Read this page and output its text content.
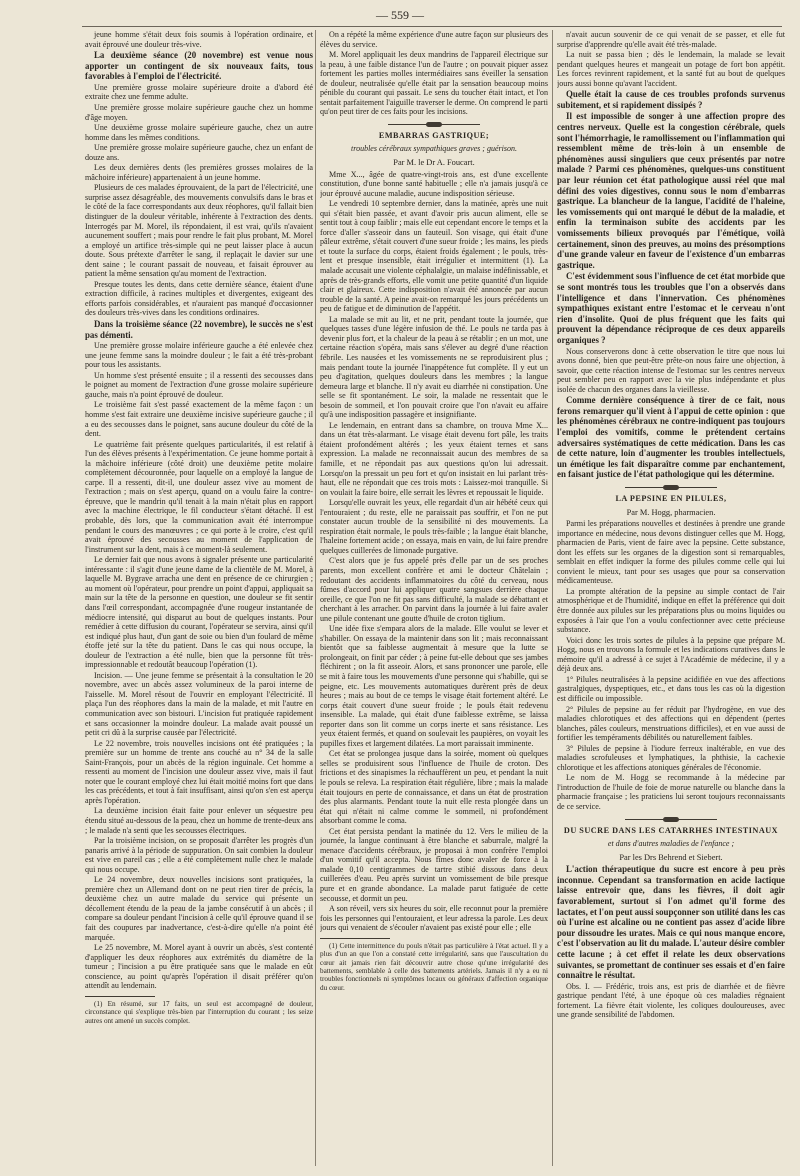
— 559 —

jeune homme s'était deux fois soumis à l'opération ordinaire, et avait éprouvé une douleur très-vive.

La deuxième séance (20 novembre) est venue nous apporter un contingent de six nouveaux faits, tous favorables à l'emploi de l'électricité.

Une première grosse molaire supérieure droite a d'abord été extraite chez une femme adulte.

Une première grosse molaire supérieure gauche chez un homme d'âge moyen.

Une deuxième grosse molaire supérieure gauche, chez un autre homme dans les mêmes conditions.

Une première grosse molaire supérieure gauche, chez un enfant de douze ans.

Les deux dernières dents (les premières grosses molaires de la mâchoire inférieure) appartenaient à un jeune homme.

Plusieurs de ces malades éprouvaient, de la part de l'électricité, une surprise assez désagréable, des mouvements convulsifs dans le bras et le côté de la face correspondants aux deux réophores, qu'il fallait bien distinguer de la douleur véritable, inhérente à l'extraction des dents. Interrogés par M. Morel, ils répondaient, il est vrai, qu'ils n'avaient aucunement souffert ; mais pour rendre le fait plus probant, M. Morel a employé un artifice très-simple qui ne peut laisser place à aucun doute. Sous prétexte d'arrêter le sang, il replaçait le davier sur une dent saine ; le courant passait de nouveau, et faisait éprouver au patient la même sensation qu'au moment de l'extraction.

Presque toutes les dents, dans cette dernière séance, étaient d'une extraction difficile, à racines multiples et divergentes, exigeant des efforts parfois considérables, et n'auraient pas manqué d'occasionner des douleurs très-vives dans les conditions ordinaires.

Dans la troisième séance (22 novembre), le succès ne s'est pas démenti.

Une première grosse molaire inférieure gauche a été enlevée chez une jeune femme sans la moindre douleur ; le fait a été très-probant pour tous les assistants.

Un homme s'est présenté ensuite ; il a ressenti des secousses dans le poignet au moment de l'extraction d'une grosse molaire supérieure gauche, mais n'a point éprouvé de douleur.

Le troisième fait s'est passé exactement de la même façon : un homme s'est fait extraire une deuxième incisive supérieure gauche ; il a eu des secousses dans le poignet, sans aucune douleur du côté de la dent.

Le quatrième fait présente quelques particularités, il est relatif à l'un des élèves présents à l'expérimentation. Ce jeune homme portait à la mâchoire inférieure (côté droit) une deuxième petite molaire complètement découronnée, pour laquelle on a employé la langue de carpe. Il a ressenti, dit-il, une douleur assez vive au moment de l'extraction ; mais on s'est aperçu, quand on a voulu faire la contre-épreuve, que le mandrin qu'il tenait à la main n'était plus en rapport avec la machine électrique, le fil conducteur s'étant détaché. Il est probable, dès lors, que la communication avait été interrompue pendant le cours des manœuvres ; ce qui porte à le croire, c'est qu'il avait éprouvé des secousses au moment de l'application de l'instrument sur la dent, mais à ce moment-là seulement.

Le dernier fait que nous avons à signaler présente une particularité intéressante : il s'agit d'une jeune dame de la clientèle de M. Morel, à laquelle M. Bygrave arracha une dent en présence de ce chirurgien ; au moment où l'opérateur, pour prendre un point d'appui, appliquait sa main sur la tête de la personne en question, une douleur se fit sentir dans l'œil correspondant, accompagnée d'une rougeur instantanée de médiocre intensité, qui disparut au bout de quelques instants. Pour remédier à cette diffusion du courant, l'opérateur se servira, ainsi qu'il est indiqué plus haut, d'un gant de soie ou bien d'un foulard de même étoffe jeté sur la tête du patient. Dans le cas qui nous occupe, la douleur de l'extraction a été nulle, bien que la personne fût très-impressionnable et redoutât beaucoup l'opération (1).

Incision. — Une jeune femme se présentait à la consultation le 20 novembre, avec un abcès assez volumineux de la paroi interne de l'aisselle. M. Morel résout de l'ouvrir en employant l'électricité. Il plaça l'un des réophores dans la main de la malade, et mit l'autre en communication avec son bistouri. L'incision fut pratiquée rapidement et sans occasionner la moindre douleur. La malade avait poussé un petit cri dû à la surprise causée par l'électricité.

Le 22 novembre, trois nouvelles incisions ont été pratiquées ; la première sur un homme de trente ans couché au n° 34 de la salle Saint-François, pour un abcès de la région inguinale. Cet homme a ressenti au moment de l'incision une douleur assez vive, mais il faut noter que le courant employé chez lui était moitié moins fort que dans les cas précédents, et tout à fait insuffisant, ainsi qu'on s'en est aperçu après l'opération.

La deuxième incision était faite pour enlever un séquestre peu étendu situé au-dessous de la peau, chez un homme de trente-deux ans ; le malade n'a senti que les secousses électriques.

Par la troisième incision, on se proposait d'arrêter les progrès d'un panaris arrivé à la période de suppuration. On sait combien la douleur est vive en pareil cas ; elle a été complètement nulle chez le malade qui nous occupe.

Le 24 novembre, deux nouvelles incisions sont pratiquées, la première chez un Allemand dont on ne peut rien tirer de précis, la deuxième chez un autre malade du service qui présente un décollement étendu de la peau de la jambe consécutif à un abcès ; il compare sa douleur pendant l'incision à celle qu'il éprouve quand il se fait des coupures par inadvertance, c'est-à-dire qu'elle n'a point été marquée.

Le 25 novembre, M. Morel ayant à ouvrir un abcès, s'est contenté d'appliquer les deux réophores aux extrémités du diamètre de la tumeur ; l'incision a pu être pratiquée sans que le malade en eût conscience, au point qu'après l'opération il disait préférer qu'on attendît au lendemain.

(1) En résumé, sur 17 faits, un seul est accompagné de douleur, circonstance qui s'explique très-bien par l'interruption du courant ; les seize autres ont amené un succès complet.

On a répété la même expérience d'une autre façon sur plusieurs des élèves du service.

M. Morel appliquait les deux mandrins de l'appareil électrique sur la peau, à une faible distance l'un de l'autre ; on pouvait piquer assez fortement les parties molles intermédiaires sans éveiller la sensation de douleur, neutralisée qu'elle était par la sensation beaucoup moins pénible du courant qui passait. Le sens du toucher était intact, et l'on sentait parfaitement l'aiguille traverser le derme. On comprend le parti qu'on peut tirer de ces faits pour les incisions.

EMBARRAS GASTRIQUE;
troubles cérébraux sympathiques graves ; guérison.
Par M. le Dr A. Foucart.

Mme X..., âgée de quatre-vingt-trois ans, est d'une excellente constitution, d'une bonne santé habituelle ; elle n'a jamais jusqu'à ce jour éprouvé aucune maladie, aucune indisposition sérieuse.

Le vendredi 10 septembre dernier, dans la matinée, après une nuit qui s'était bien passée, et avant d'avoir pris aucun aliment, elle se sentit tout à coup faiblir ; mais elle eut cependant encore le temps et la force d'aller s'asseoir dans un fauteuil. Son visage, qui était d'une pâleur extrême, s'était couvert d'une sueur froide ; les mains, les pieds et toute la surface du corps, étaient froids également ; le pouls, très-lent et presque insensible, était irrégulier et intermittent (1). La malade accusait une violente céphalalgie, un malaise indéfinissable, et après de très-grands efforts, elle vomit une petite quantité d'un liquide clair et glaireux. Cette indisposition n'avait été annoncée par aucun trouble de la santé. A peine avait-on remarqué les jours précédents un peu de fatigue et de diminution de l'appétit.

La malade se mit au lit, et ne prit, pendant toute la journée, que quelques tasses d'une légère infusion de thé. Le pouls ne tarda pas à devenir plus fort, et la chaleur de la peau à se rétablir ; en un mot, une certaine réaction s'opéra, mais sans s'élever au degré d'une réaction fébrile. Les nausées et les vomissements ne se reproduisirent plus ; mais pendant toute la journée l'inappétence fut complète. Il y eut un peu d'agitation, quelques douleurs dans les membres ; la langue demeura large et blanche. Il n'y avait eu diarrhée ni constipation. Une selle se fit spontanément. Le soir, la malade ne ressentait que le besoin de sommeil, et l'on pouvait croire que l'on n'avait eu affaire qu'à une indisposition passagère et insignifiante.

Le lendemain, en entrant dans sa chambre, on trouva Mme X... dans un état très-alarmant. Le visage était devenu fort pâle, les traits étaient profondément altérés ; les yeux étaient ternes et sans expression. La malade ne reconnaissait aucun des membres de sa famille, et ne répondait pas aux questions qu'on lui adressait. Lorsqu'on la pressait un peu fort et qu'on insistait en lui parlant très-haut, elle ne répondait que ces trois mots : Laissez-moi tranquille. Si on voulait la faire boire, elle serrait les lèvres et repoussait le liquide.

Lorsqu'elle ouvrait les yeux, elle regardait d'un air hébété ceux qui l'entouraient ; du reste, elle ne paraissait pas souffrir, et l'on ne put constater aucun trouble de la sensibilité ni des mouvements. La respiration était normale, le pouls très-faible ; la langue était blanche, l'haleine fortement acide ; on essaya, mais en vain, de lui faire prendre quelques cuillerées de limonade purgative.

C'est alors que je fus appelé près d'elle par un de ses proches parents, mon excellent confrère et ami le docteur Châtelain ; redoutant des accidents inflammatoires du côté du cerveau, nous fûmes d'accord pour lui appliquer quatre sangsues derrière chaque oreille, ce que l'on ne fit pas sans difficulté, la malade se débattant et cherchant à les arracher. On parvint dans la journée à lui faire avaler une pilule contenant une goutte d'huile de croton tiglium.

Une idée fixe s'empara alors de la malade. Elle voulut se lever et s'habiller. On essaya de la maintenir dans son lit ; mais reconnaissant bientôt que sa faiblesse augmentait à mesure que la lutte se prolongeait, on finit par céder ; à peine fut-elle debout que ses jambes fléchirent ; on la fit asseoir. Alors, et sans prononcer une parole, elle se mit à faire tous les mouvements d'une personne qui s'habille, qui se peigne, etc. Les mouvements automatiques durèrent près de deux heures ; mais au bout de ce temps le visage était fortement altéré. Le corps était couvert d'une sueur froide ; le pouls était redevenu insensible. La malade, qui était d'une faiblesse extrême, se laissa reporter dans son lit comme un corps inerte et sans résistance. Les yeux étaient fermés, et quand on soulevait les paupières, on voyait les pupilles fixes et largement dilatées. La mort paraissait imminente.

Cet état se prolongea jusque dans la soirée, moment où quelques selles se produisirent sous l'influence de l'huile de croton. Des frictions et des sinapismes la réchauffèrent un peu, et pendant la nuit le pouls se releva. La respiration était régulière, libre ; mais la malade était toujours en perte de connaissance, et dans un état de prostration des plus alarmants. Pendant toute la nuit elle resta plongée dans un état qui n'était ni calme comme le sommeil, ni profondément absorbant comme le coma.

Cet état persista pendant la matinée du 12. Vers le milieu de la journée, la langue continuant à être blanche et saburrale, malgré la menace d'accidents cérébraux, je proposai à mon confrère l'emploi d'un vomitif qu'il accepta. Nous fîmes donc avaler de force à la malade 0,10 centigrammes de tartre stibié dissous dans deux cuillerées d'eau. Peu après survint un vomissement de bile presque pure et en grande abondance. La malade parut fatiguée de cette secousse, et dormit un peu.

A son réveil, vers six heures du soir, elle reconnut pour la première fois les personnes qui l'entouraient, et leur adressa la parole. Les deux jours qui venaient de s'écouler n'avaient pas existé pour elle ; elle

(1) Cette intermittence du pouls n'était pas particulière à l'état actuel. Il y a plus d'un an que l'on a constaté cette irrégularité, sans que l'auscultation du cœur ait jamais rien fait découvrir autre chose qu'une irrégularité des battements, semblable à celle des battements artériels. Jamais il n'y a eu ni troubles fonctionnels ni symptômes locaux ou généraux d'affection organique du cœur.

n'avait aucun souvenir de ce qui venait de se passer, et elle fut surprise d'apprendre qu'elle avait été très-malade.

La nuit se passa bien ; dès le lendemain, la malade se levait pendant quelques heures et mangeait un potage de fort bon appétit. Les forces revinrent rapidement, et la santé fut au bout de quelques jours aussi bonne qu'avant l'accident.

Quelle était la cause de ces troubles profonds survenus subitement, et si rapidement dissipés ?

Il est impossible de songer à une affection propre des centres nerveux. Quelle est la congestion cérébrale, quels sont l'hémorrhagie, le ramollissement ou l'inflammation qui ressemblent même de très-loin à un ensemble de phénomènes aussi singuliers que ceux présentés par notre malade ? Parmi ces phénomènes, quelques-uns constituent par leur réunion cet état pathologique aussi réel que mal défini des voies digestives, connu sous le nom d'embarras gastrique. La blancheur de la langue, l'acidité de l'haleine, les vomissements qui ont marqué le début de la maladie, et enfin la terminaison subite des accidents par les vomissements bilieux provoqués par l'émétique, voilà certainement, sinon des preuves, au moins des présomptions d'une grande valeur en faveur de l'existence d'un embarras gastrique.

C'est évidemment sous l'influence de cet état morbide que se sont montrés tous les troubles que l'on a observés dans l'intelligence et dans l'innervation. Ces phénomènes sympathiques existant entre l'estomac et le cerveau n'ont rien d'insolite. Quoi de plus fréquent que les faits qui prouvent la dépendance réciproque de ces deux appareils organiques ?

Nous conserverons donc à cette observation le titre que nous lui avons donné, bien que peut-être prête-on nous faire une objection, à savoir, que cette réaction intense de l'estomac sur les centres nerveux peut sembler peu en rapport avec la vie plus indépendante et plus isolée de chacun des organes dans la vieillesse.

Comme dernière conséquence à tirer de ce fait, nous ferons remarquer qu'il vient à l'appui de cette opinion : que les phénomènes cérébraux ne contre-indiquent pas toujours l'emploi des vomitifs, comme le prétendent certains adversaires systématiques de cette médication. Dans les cas de cette nature, loin d'augmenter les troubles intellectuels, un émétique les fait disparaître comme par enchantement, en faisant justice de l'état pathologique qui les détermine.

LA PEPSINE EN PILULES,
Par M. Hogg, pharmacien.

Parmi les préparations nouvelles et destinées à prendre une grande importance en médecine, nous devons distinguer celles que M. Hogg, pharmacien de Paris, vient de faire avec la pepsine. Cette substance, dont les effets sur les organes de la digestion sont si remarquables, semblait en effet indiquer la forme des pilules comme celle qui lui convient le mieux, tant pour ses usages que pour sa conservation médicamenteuse.

La prompte altération de la pepsine au simple contact de l'air atmosphérique et de l'humidité, indique en effet la préférence qui doit être donnée aux pilules sur les préparations plus ou moins liquides ou exposées à l'air que l'on a voulu confectionner avec cette précieuse substance.

Voici donc les trois sortes de pilules à la pepsine que prépare M. Hogg, nous en trouvons la formule et les indications curatives dans le mémoire qu'il a adressé à ce sujet à l'Académie de médecine, il y a déjà deux ans.

1° Pilules neutralisées à la pepsine acidifiée en vue des affections gastralgiques, dyspeptiques, etc., et dans tous les cas où la digestion est difficile ou impossible.

2° Pilules de pepsine au fer réduit par l'hydrogène, en vue des maladies chlorotiques et des affections qui en dépendent (pertes blanches, pâles couleurs, menstruations difficiles), et en vue aussi de fortifier les tempéraments débilités ou naturellement faibles.

3° Pilules de pepsine à l'iodure ferreux inaltérable, en vue des maladies scrofuleuses et lymphatiques, la phthisie, la cachexie chlorotique et les affections atoniques générales de l'économie.

Le nom de M. Hogg se recommande à la médecine par l'introduction de l'huile de foie de morue naturelle ou blanche dans la pharmacie française ; les praticiens lui seront toujours reconnaissants de ce service.

DU SUCRE DANS LES CATARRHES INTESTINAUX
et dans d'autres maladies de l'enfance ;
Par les Drs Behrend et Siebert.

L'action thérapeutique du sucre est encore à peu près inconnue. Cependant sa transformation en acide lactique laisse entrevoir que, dans les fièvres, il doit agir favorablement, surtout si l'on admet qu'il forme des lactates, et l'on peut aussi soupçonner son utilité dans les cas où l'urine est alcaline ou ne contient pas assez d'acide libre pour dissoudre les urates. Mais ce qui nous manque encore, c'est l'observation au lit du malade. L'auteur désire combler cette lacune ; à cet effet il relate les deux observations suivantes, se promettant de continuer ses essais et d'en faire connaître le résultat.

Obs. I. — Frédéric, trois ans, est pris de diarrhée et de fièvre gastrique pendant l'été, à une époque où ces maladies régnaient fortement. La fièvre était violente, les coliques douloureuses, avec une grande sensibilité de l'abdomen.
